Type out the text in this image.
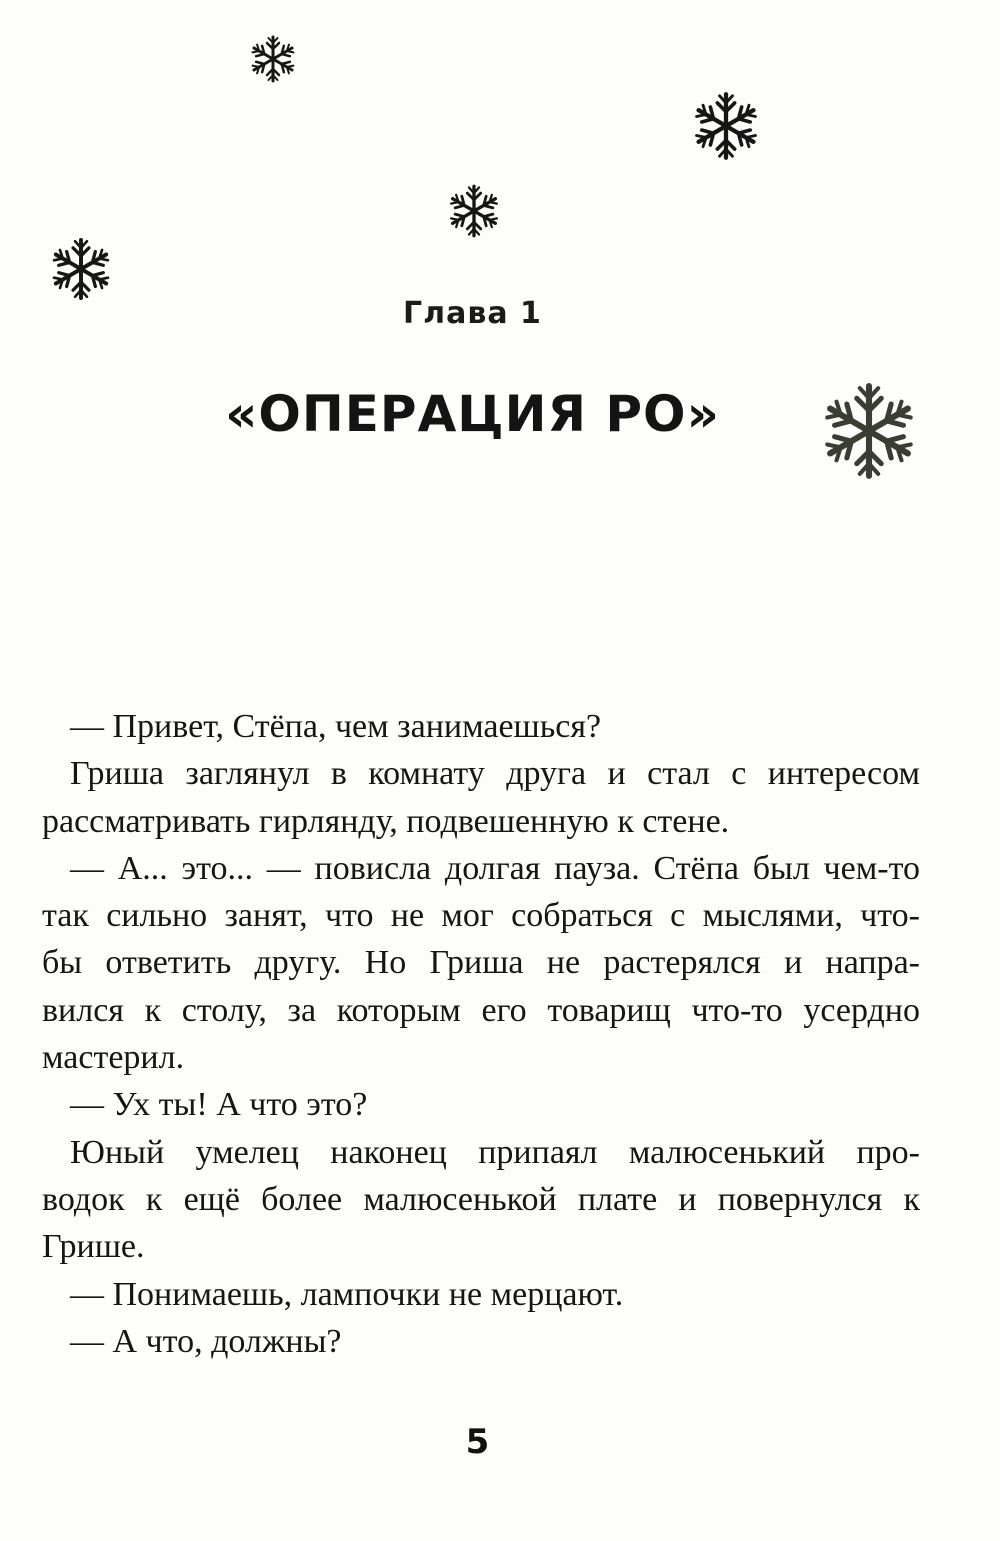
Глава 1
«ОПЕРАЦИЯ РО»
— Привет, Стёпа, чем занимаешься?
Гриша заглянул в комнату друга и стал с интересом
рассматривать гирлянду, подвешенную к стене.
— А... это... — повисла долгая пауза. Стёпа был чем-то
так сильно занят, что не мог собраться с мыслями, что-
бы ответить другу. Но Гриша не растерялся и напра-
вился к столу, за которым его товарищ что-то усердно
мастерил.
— Ух ты! А что это?
Юный умелец наконец припаял малюсенький про-
водок к ещё более малюсенькой плате и повернулся к
Грише.
— Понимаешь, лампочки не мерцают.
— А что, должны?
5
